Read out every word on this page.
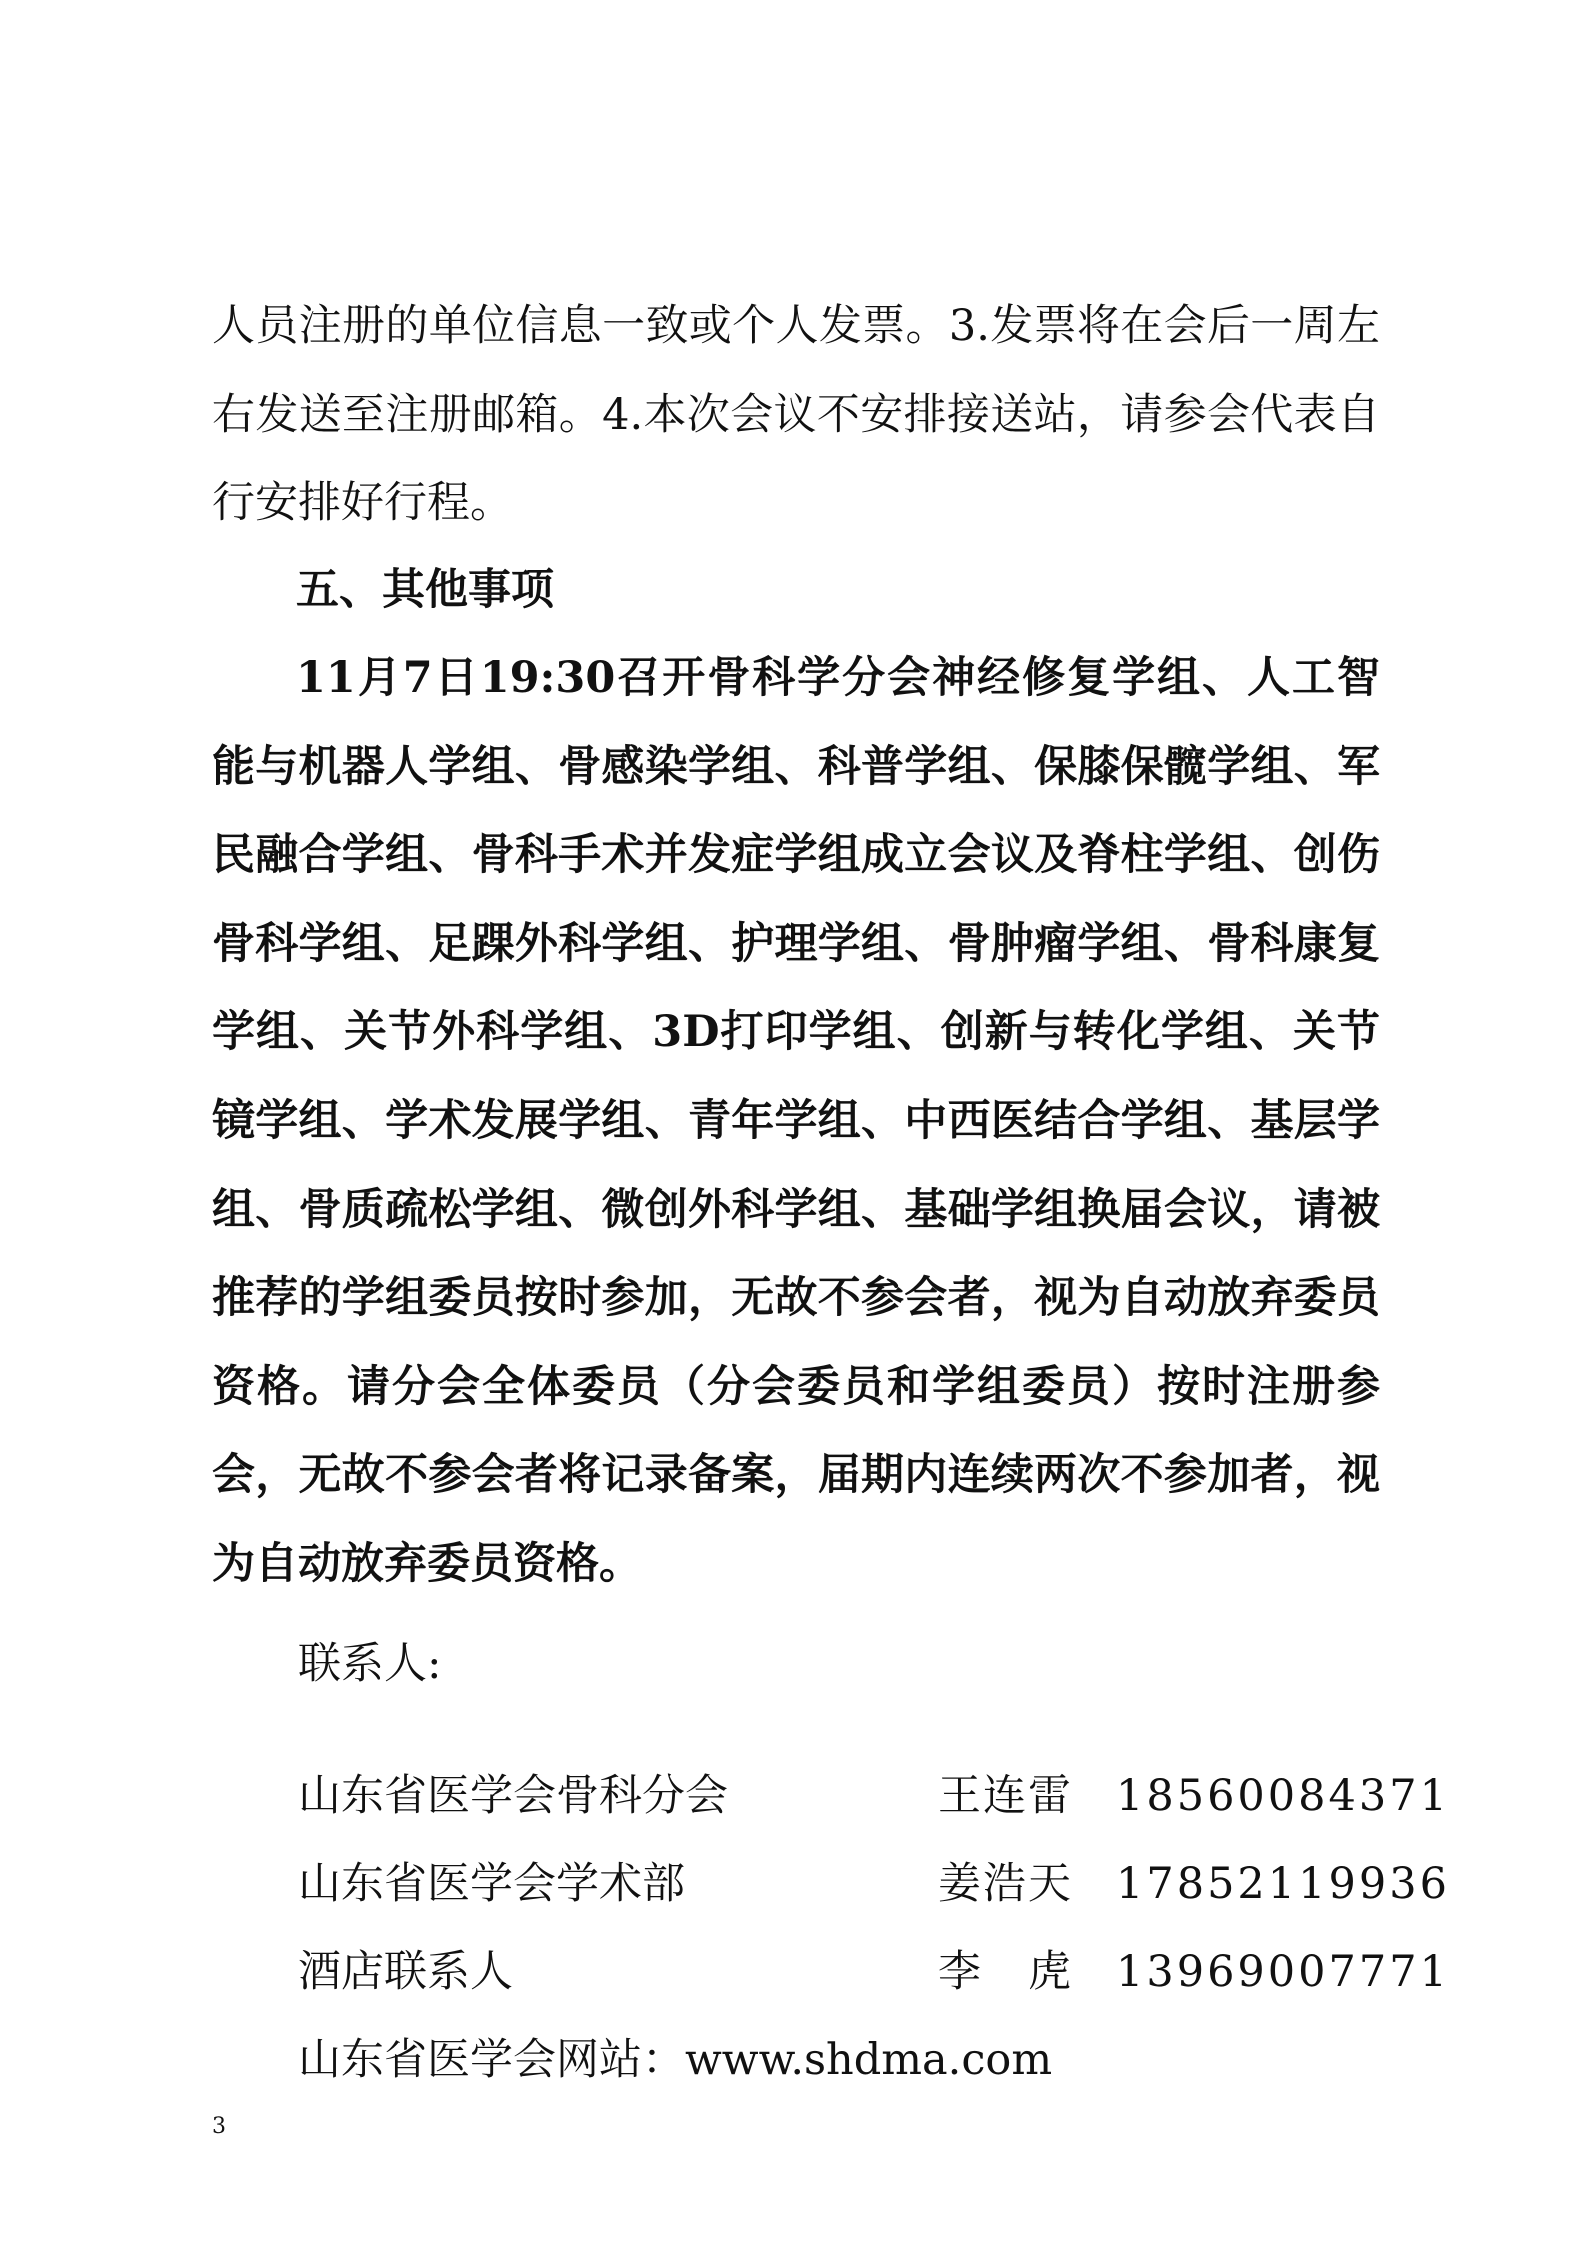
人员注册的单位信息一致或个人发票。3.发票将在会后一周左右发送至注册邮箱。4.本次会议不安排接送站，请参会代表自行安排好行程。

五、其他事项

11月7日19:30召开骨科学分会神经修复学组、人工智能与机器人学组、骨感染学组、科普学组、保膝保髋学组、军民融合学组、骨科手术并发症学组成立会议及脊柱学组、创伤骨科学组、足踝外科学组、护理学组、骨肿瘤学组、骨科康复学组、关节外科学组、3D打印学组、创新与转化学组、关节镜学组、学术发展学组、青年学组、中西医结合学组、基层学组、骨质疏松学组、微创外科学组、基础学组换届会议，请被推荐的学组委员按时参加，无故不参会者，视为自动放弃委员资格。请分会全体委员（分会委员和学组委员）按时注册参会，无故不参会者将记录备案，届期内连续两次不参加者，视为自动放弃委员资格。

联系人:

山东省医学会骨科分会	王连雷 18560084371
山东省医学会学术部	姜浩天 17852119936
酒店联系人	李　虎 13969007771

山东省医学会网站：www.shdma.com

3
